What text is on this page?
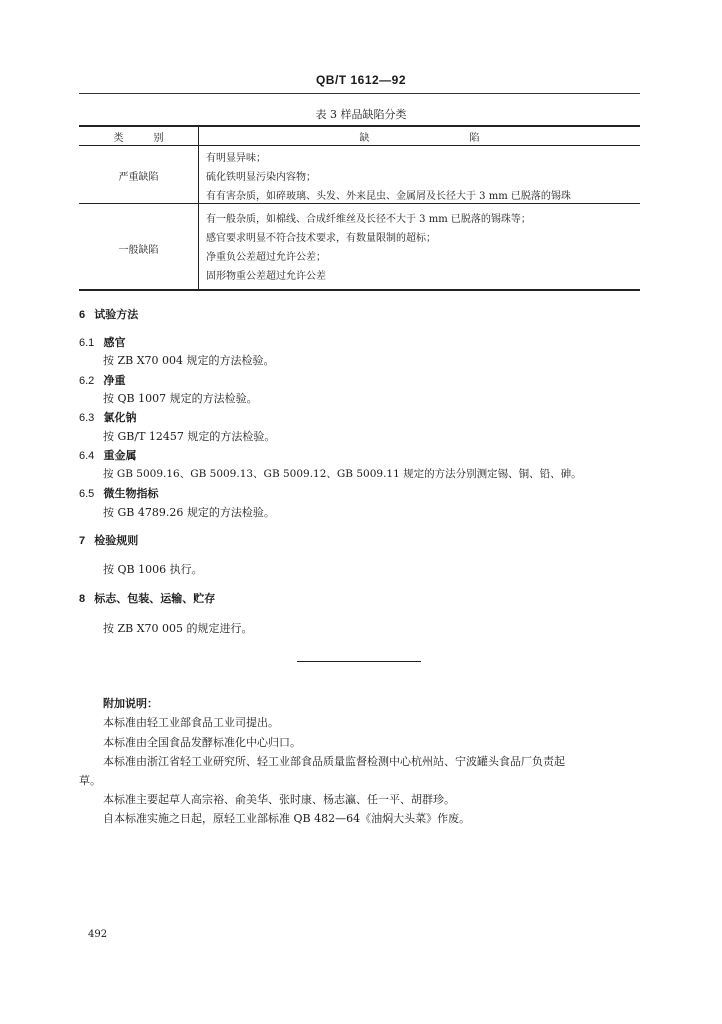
QB/T 1612—92
表 3 样品缺陷分类
类　　　别	缺　　　　　　　　　　陷
严重缺陷
有明显异味；
硫化铁明显污染内容物；
有有害杂质，如碎玻璃、头发、外来昆虫、金属屑及长径大于 3 mm 已脱落的锡珠
一般缺陷
有一般杂质，如棉线、合成纤维丝及长径不大于 3 mm 已脱落的锡珠等；
感官要求明显不符合技术要求，有数量限制的超标；
净重负公差超过允许公差；
固形物重公差超过允许公差
6 试验方法
6.1 感官
按 ZB X70 004 规定的方法检验。
6.2 净重
按 QB 1007 规定的方法检验。
6.3 氯化钠
按 GB/T 12457 规定的方法检验。
6.4 重金属
按 GB 5009.16、GB 5009.13、GB 5009.12、GB 5009.11 规定的方法分别测定锡、铜、铅、砷。
6.5 微生物指标
按 GB 4789.26 规定的方法检验。
7 检验规则
按 QB 1006 执行。
8 标志、包装、运输、贮存
按 ZB X70 005 的规定进行。
附加说明：
本标准由轻工业部食品工业司提出。
本标准由全国食品发酵标准化中心归口。
本标准由浙江省轻工业研究所、轻工业部食品质量监督检测中心杭州站、宁波罐头食品厂负责起
草。
本标准主要起草人高宗裕、俞美华、张时康、杨志瀛、任一平、胡群珍。
自本标准实施之日起，原轻工业部标准 QB 482—64《油焖大头菜》作废。
492
